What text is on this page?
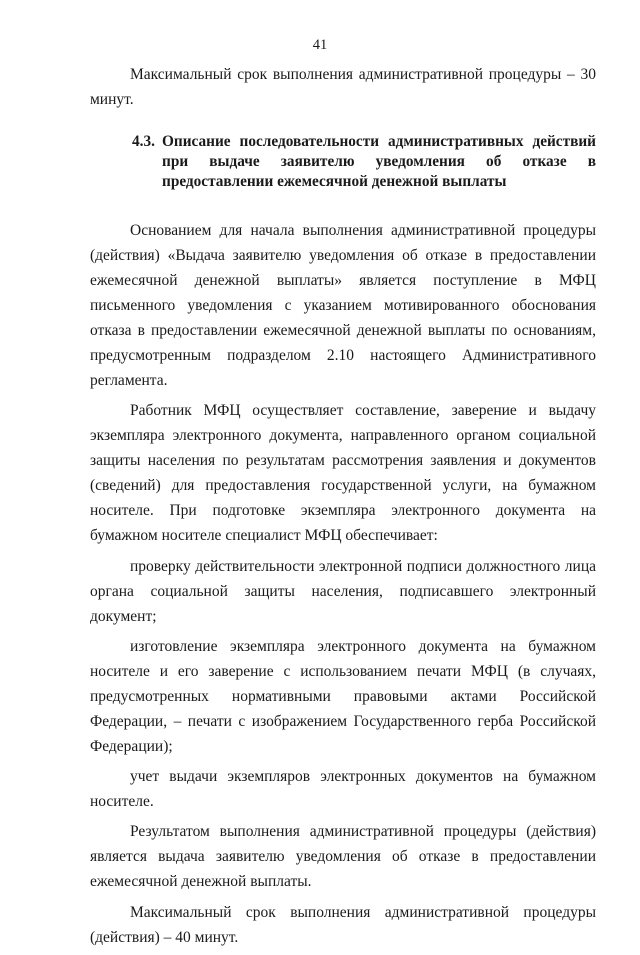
41

Максимальный срок выполнения административной процедуры – 30 минут.

4.3. Описание последовательности административных действий при выдаче заявителю уведомления об отказе в предоставлении ежемесячной денежной выплаты

Основанием для начала выполнения административной процедуры (действия) «Выдача заявителю уведомления об отказе в предоставлении ежемесячной денежной выплаты» является поступление в МФЦ письменного уведомления с указанием мотивированного обоснования отказа в предоставлении ежемесячной денежной выплаты по основаниям, предусмотренным подразделом 2.10 настоящего Административного регламента.

Работник МФЦ осуществляет составление, заверение и выдачу экземпляра электронного документа, направленного органом социальной защиты населения по результатам рассмотрения заявления и документов (сведений) для предоставления государственной услуги, на бумажном носителе. При подготовке экземпляра электронного документа на бумажном носителе специалист МФЦ обеспечивает:

проверку действительности электронной подписи должностного лица органа социальной защиты населения, подписавшего электронный документ;

изготовление экземпляра электронного документа на бумажном носителе и его заверение с использованием печати МФЦ (в случаях, предусмотренных нормативными правовыми актами Российской Федерации, – печати с изображением Государственного герба Российской Федерации);

учет выдачи экземпляров электронных документов на бумажном носителе.

Результатом выполнения административной процедуры (действия) является выдача заявителю уведомления об отказе в предоставлении ежемесячной денежной выплаты.

Максимальный срок выполнения административной процедуры (действия) – 40 минут.
